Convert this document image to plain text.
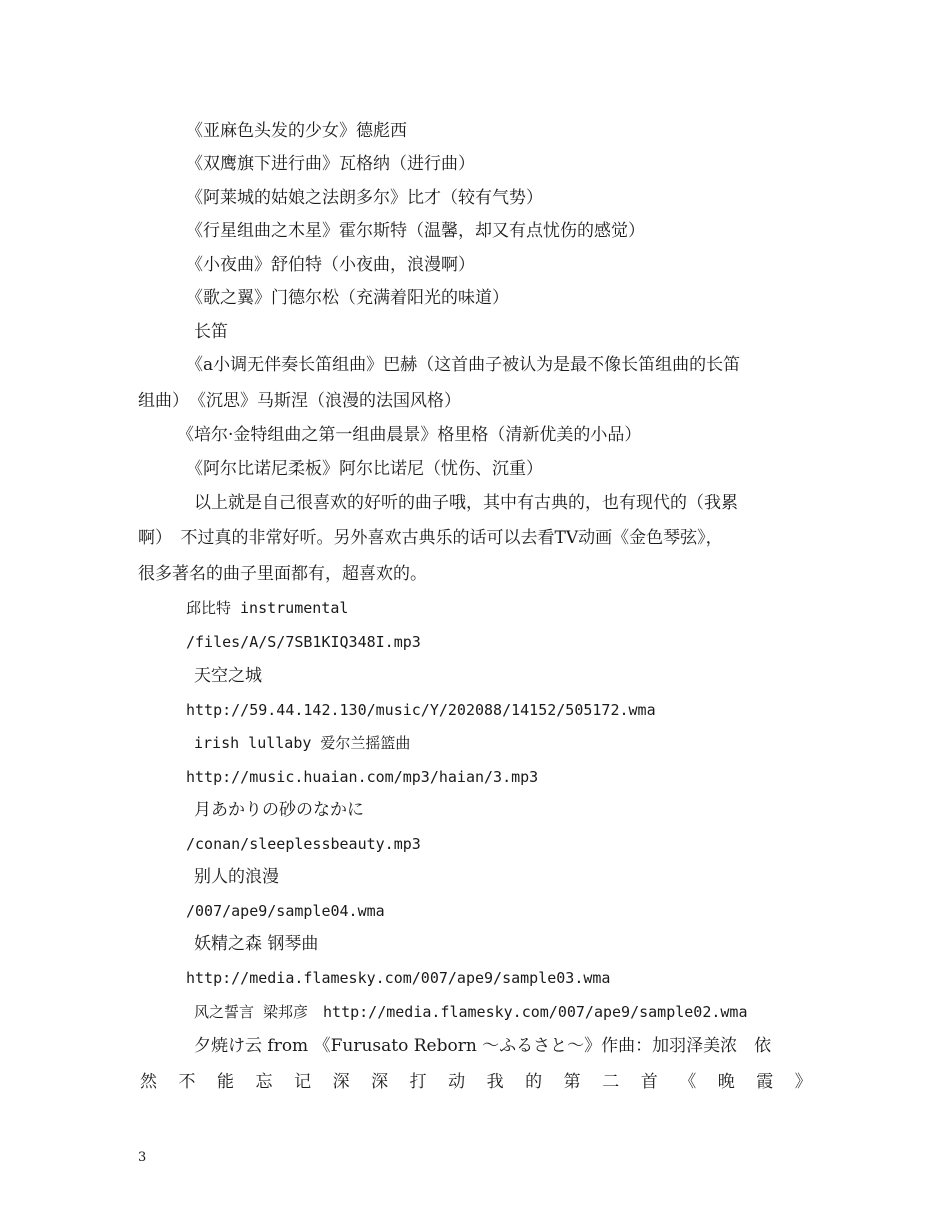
《亚麻色头发的少女》德彪西
《双鹰旗下进行曲》瓦格纳（进行曲）
《阿莱城的姑娘之法朗多尔》比才（较有气势）
《行星组曲之木星》霍尔斯特（温馨，却又有点忧伤的感觉）
《小夜曲》舒伯特（小夜曲，浪漫啊）
《歌之翼》门德尔松（充满着阳光的味道）
长笛
《a小调无伴奏长笛组曲》巴赫（这首曲子被认为是最不像长笛组曲的长笛
组曲）　《沉思》马斯涅（浪漫的法国风格）
《培尔·金特组曲之第一组曲晨景》格里格（清新优美的小品）
《阿尔比诺尼柔板》阿尔比诺尼（忧伤、沉重）
以上就是自己很喜欢的好听的曲子哦，其中有古典的，也有现代的（我累
啊）　不过真的非常好听。另外喜欢古典乐的话可以去看TV动画《金色琴弦》，
很多著名的曲子里面都有，超喜欢的。
邱比特 instrumental
/files/A/S/7SB1KIQ348I.mp3
天空之城
http://59.44.142.130/music/Y/202088/14152/505172.wma
irish lullaby 爱尔兰摇篮曲
http://music.huaian.com/mp3/haian/3.mp3
月あかりの砂のなかに
/conan/sleeplessbeauty.mp3
别人的浪漫
/007/ape9/sample04.wma
妖精之森 钢琴曲
http://media.flamesky.com/007/ape9/sample03.wma
风之誓言 梁邦彦　http://media.flamesky.com/007/ape9/sample02.wma
夕焼け云 from 《Furusato Reborn ～ふるさと～》作曲：加羽泽美浓　依
然 不 能 忘 记 深 深 打 动 我 的 第 二 首 《 晚 霞 》
3
